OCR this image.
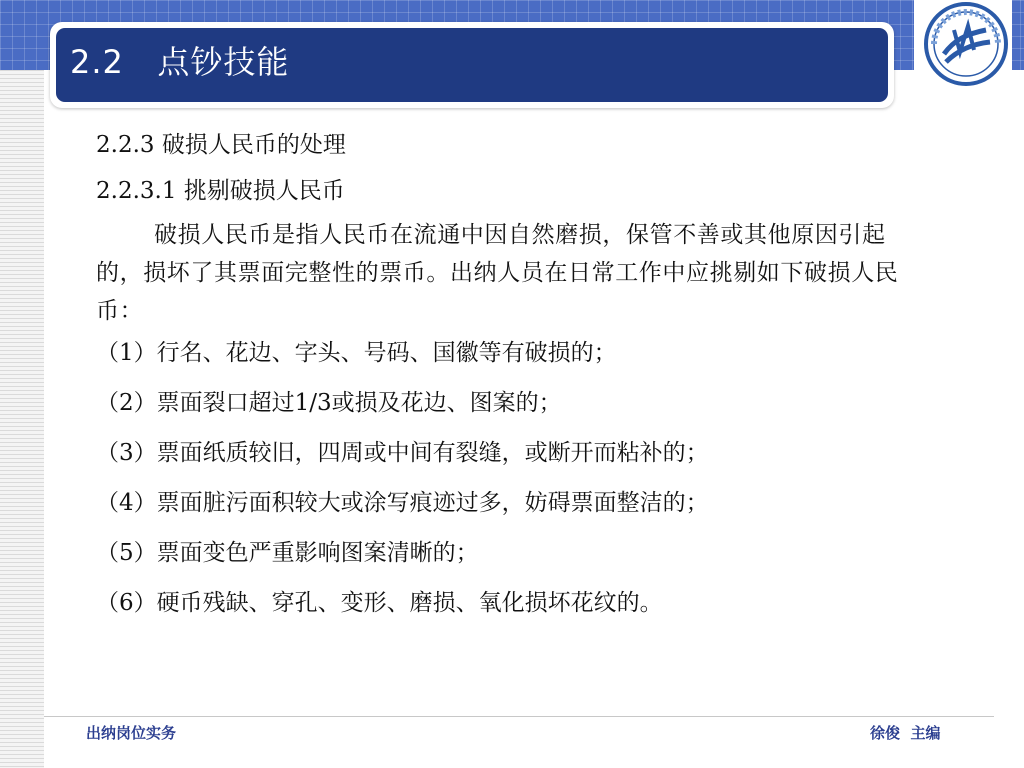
2.2   点钞技能

2.2.3 破损人民币的处理

2.2.3.1 挑剔破损人民币

破损人民币是指人民币在流通中因自然磨损，保管不善或其他原因引起的，损坏了其票面完整性的票币。出纳人员在日常工作中应挑剔如下破损人民币：

（1）行名、花边、字头、号码、国徽等有破损的；

（2）票面裂口超过1/3或损及花边、图案的；

（3）票面纸质较旧，四周或中间有裂缝，或断开而粘补的；

（4）票面脏污面积较大或涂写痕迹过多，妨碍票面整洁的；

（5）票面变色严重影响图案清晰的；

（6）硬币残缺、穿孔、变形、磨损、氧化损坏花纹的。

出纳岗位实务	徐俊  主编
